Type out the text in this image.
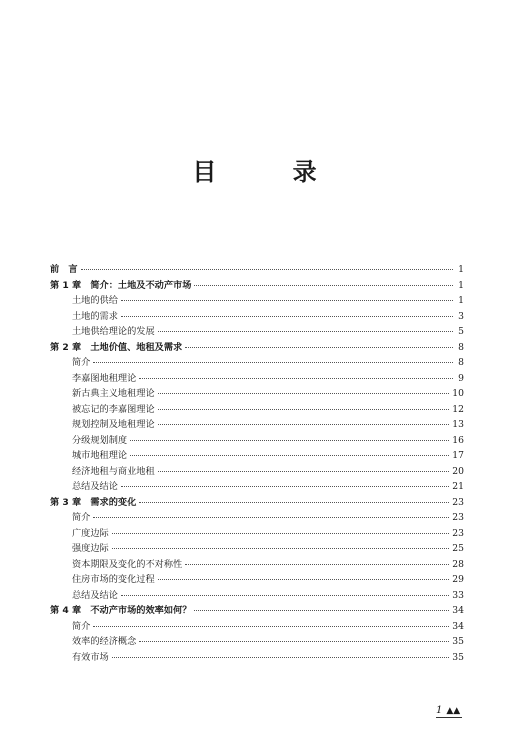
目 录
前　言	1
第 1 章　简介：土地及不动产市场	1
土地的供给	1
土地的需求	3
土地供给理论的发展	5
第 2 章　土地价值、地租及需求	8
简介	8
李嘉图地租理论	9
新古典主义地租理论	10
被忘记的李嘉图理论	12
规划控制及地租理论	13
分级规划制度	16
城市地租理论	17
经济地租与商业地租	20
总结及结论	21
第 3 章　需求的变化	23
简介	23
广度边际	23
强度边际	25
资本期限及变化的不对称性	28
住房市场的变化过程	29
总结及结论	33
第 4 章　不动产市场的效率如何？	34
简介	34
效率的经济概念	35
有效市场	35
1 ▲▲
